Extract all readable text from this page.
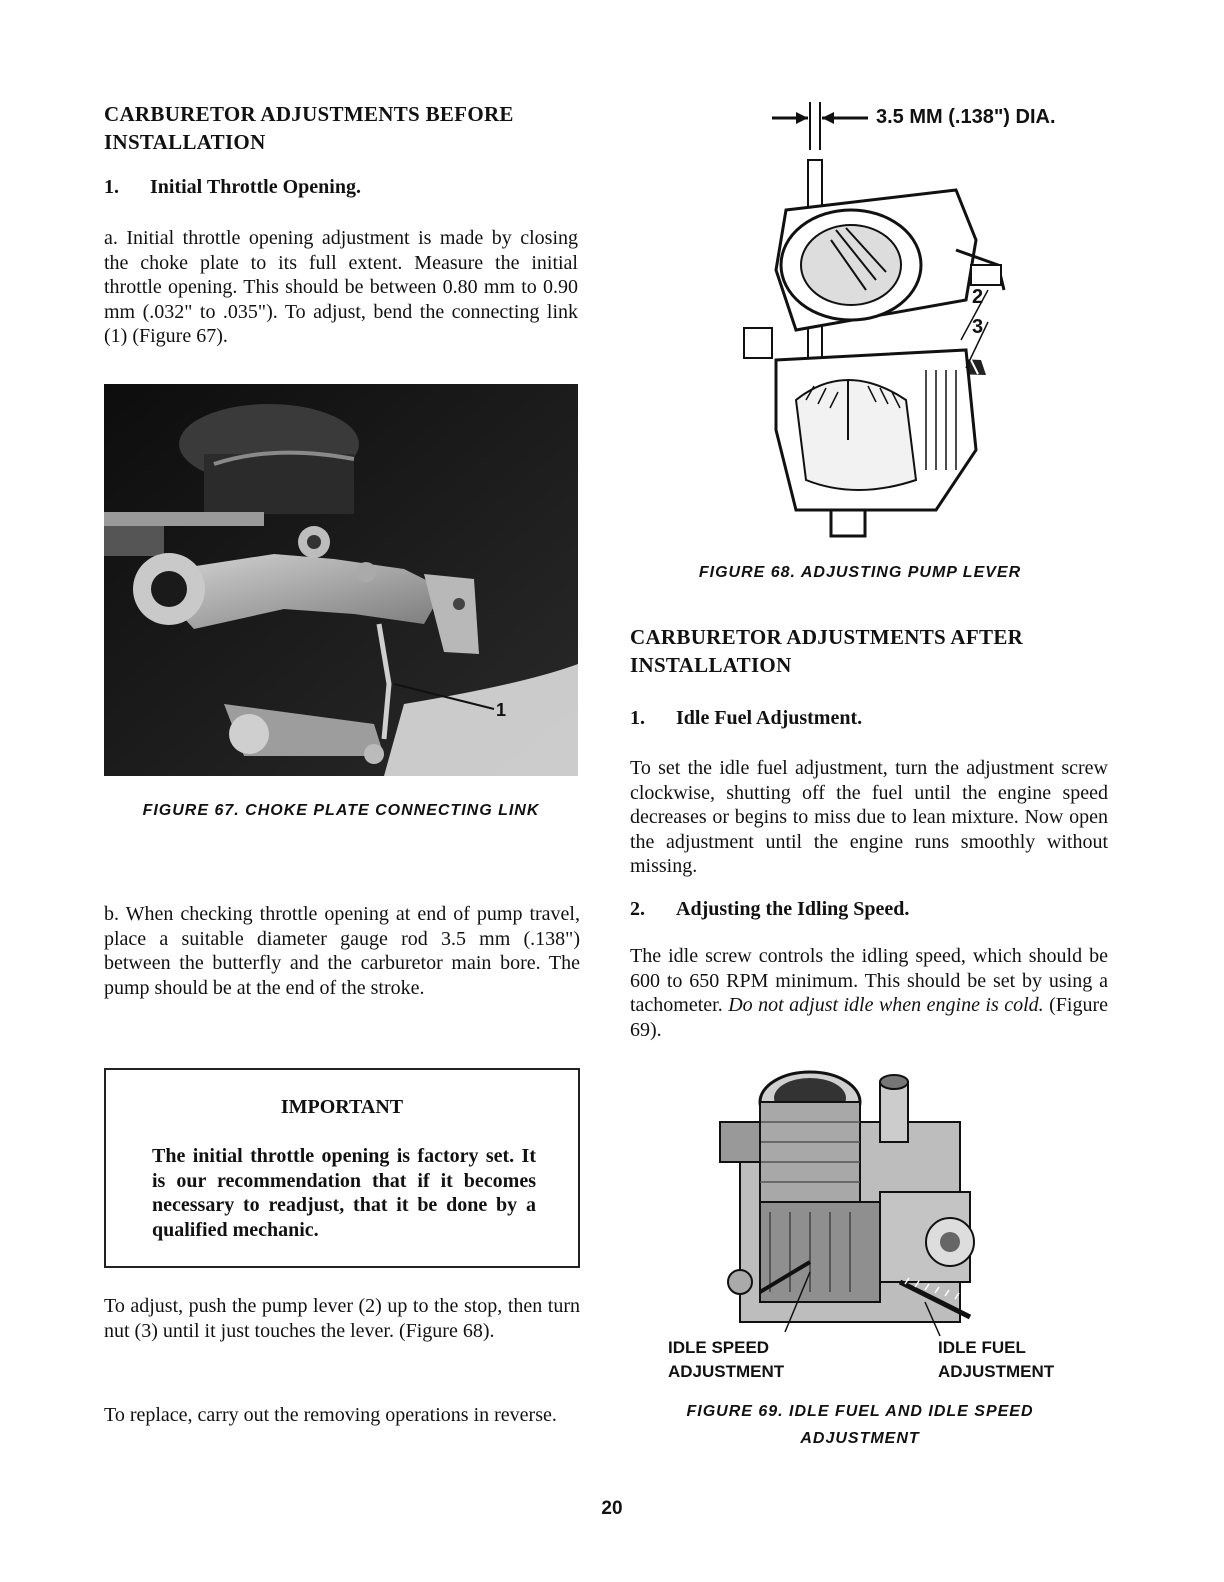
CARBURETOR ADJUSTMENTS BEFORE
INSTALLATION
1. Initial Throttle Opening.
a. Initial throttle opening adjustment is made by closing the choke plate to its full extent. Measure the initial throttle opening. This should be between 0.80 mm to 0.90 mm (.032" to .035"). To adjust, bend the connecting link (1) (Figure 67).
1
FIGURE 67. CHOKE PLATE CONNECTING LINK
b. When checking throttle opening at end of pump travel, place a suitable diameter gauge rod 3.5 mm (.138") between the butterfly and the carburetor main bore. The pump should be at the end of the stroke.
IMPORTANT
The initial throttle opening is factory set. It is our recommendation that if it becomes necessary to readjust, that it be done by a qualified mechanic.
To adjust, push the pump lever (2) up to the stop, then turn nut (3) until it just touches the lever. (Figure 68).
To replace, carry out the removing operations in reverse.
3.5 MM (.138") DIA.
2
3
FIGURE 68. ADJUSTING PUMP LEVER
CARBURETOR ADJUSTMENTS AFTER
INSTALLATION
1. Idle Fuel Adjustment.
To set the idle fuel adjustment, turn the adjustment screw clockwise, shutting off the fuel until the engine speed decreases or begins to miss due to lean mixture. Now open the adjustment until the engine runs smoothly without missing.
2. Adjusting the Idling Speed.
The idle screw controls the idling speed, which should be 600 to 650 RPM minimum. This should be set by using a tachometer. Do not adjust idle when engine is cold. (Figure 69).
IDLE SPEED
ADJUSTMENT
IDLE FUEL
ADJUSTMENT
FIGURE 69. IDLE FUEL AND IDLE SPEED
ADJUSTMENT
20
